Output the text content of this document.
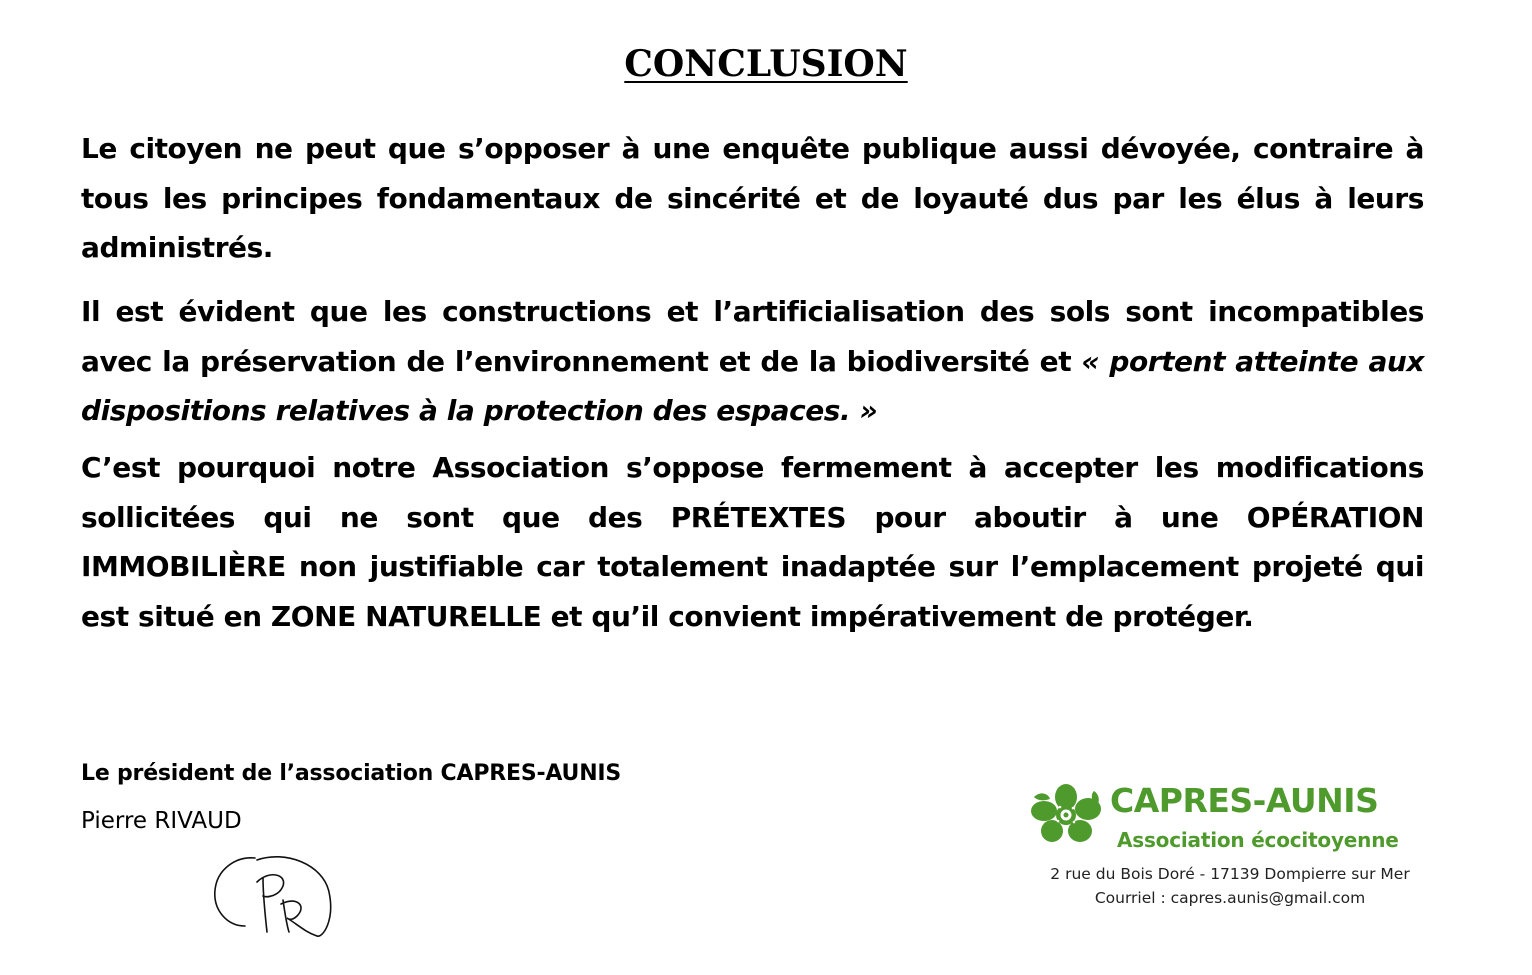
CONCLUSION

Le citoyen ne peut que s’opposer à une enquête publique aussi dévoyée, contraire à tous les principes fondamentaux de sincérité et de loyauté dus par les élus à leurs administrés.

Il est évident que les constructions et l’artificialisation des sols sont incompatibles avec la préservation de l’environnement et de la biodiversité et « portent atteinte aux dispositions relatives à la protection des espaces. »

C’est pourquoi notre Association s’oppose fermement à accepter les modifications sollicitées qui ne sont que des PRÉTEXTES pour aboutir à une OPÉRATION IMMOBILIÈRE non justifiable car totalement inadaptée sur l’emplacement projeté qui est situé en ZONE NATURELLE et qu’il convient impérativement de protéger.

Le président de l’association CAPRES-AUNIS

Pierre RIVAUD

CAPRES-AUNIS

Association écocitoyenne

2 rue du Bois Doré - 17139 Dompierre sur Mer

Courriel : capres.aunis@gmail.com
